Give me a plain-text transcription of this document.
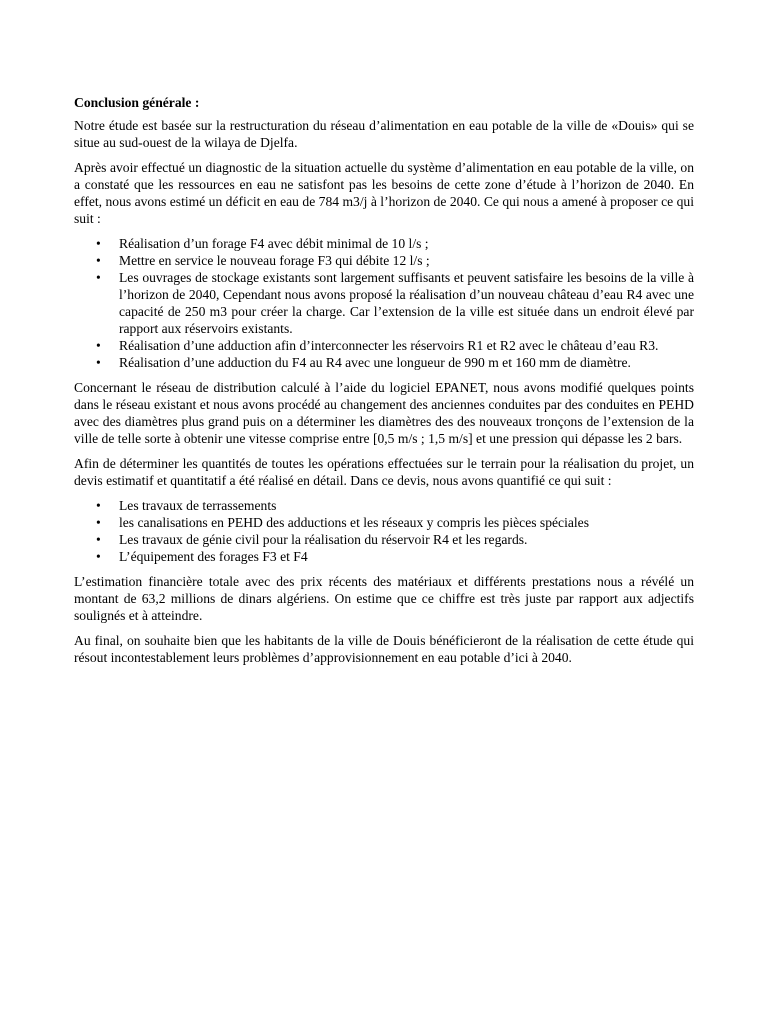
Conclusion générale :

Notre étude est basée sur la restructuration du réseau d’alimentation en eau potable de la ville de «Douis» qui se situe au sud-ouest de la wilaya de Djelfa.

Après avoir effectué un diagnostic de la situation actuelle du système d’alimentation en eau potable de la ville, on a constaté que les ressources en eau ne satisfont pas les besoins de cette zone d’étude à l’horizon de 2040. En effet, nous avons estimé un déficit en eau de 784 m3/j à l’horizon de 2040. Ce qui nous a amené à proposer ce qui suit :

• Réalisation d’un forage F4 avec débit minimal de 10 l/s ;
• Mettre en service le nouveau forage F3 qui débite 12 l/s ;
• Les ouvrages de stockage existants sont largement suffisants et peuvent satisfaire les besoins de la ville à l’horizon de 2040, Cependant nous avons proposé la réalisation d’un nouveau château d’eau R4 avec une capacité de 250 m3 pour créer la charge. Car l’extension de la ville est située dans un endroit élevé par rapport aux réservoirs existants.
• Réalisation d’une adduction afin d’interconnecter les réservoirs R1 et R2 avec le château d’eau R3.
• Réalisation d’une adduction du F4 au R4 avec une longueur de 990 m et 160 mm de diamètre.

Concernant le réseau de distribution calculé à l’aide du logiciel EPANET, nous avons modifié quelques points dans le réseau existant et nous avons procédé au changement des anciennes conduites par des conduites en PEHD avec des diamètres plus grand puis on a déterminer les diamètres des des nouveaux tronçons de l’extension de la ville de telle sorte à obtenir une vitesse comprise entre [0,5 m/s ; 1,5 m/s] et une pression qui dépasse les 2 bars.

Afin de déterminer les quantités de toutes les opérations effectuées sur le terrain pour la réalisation du projet, un devis estimatif et quantitatif a été réalisé en détail. Dans ce devis, nous avons quantifié ce qui suit :

• Les travaux de terrassements
• les canalisations en PEHD des adductions et les réseaux y compris les pièces spéciales
• Les travaux de génie civil pour la réalisation du réservoir R4 et les regards.
• L’équipement des forages F3 et F4

L’estimation financière totale avec des prix récents des matériaux et différents prestations nous a révélé un montant de 63,2 millions de dinars algériens. On estime que ce chiffre est très juste par rapport aux adjectifs soulignés et à atteindre.

Au final, on souhaite bien que les habitants de la ville de Douis bénéficieront de la réalisation de cette étude qui résout incontestablement leurs problèmes d’approvisionnement en eau potable d’ici à 2040.
